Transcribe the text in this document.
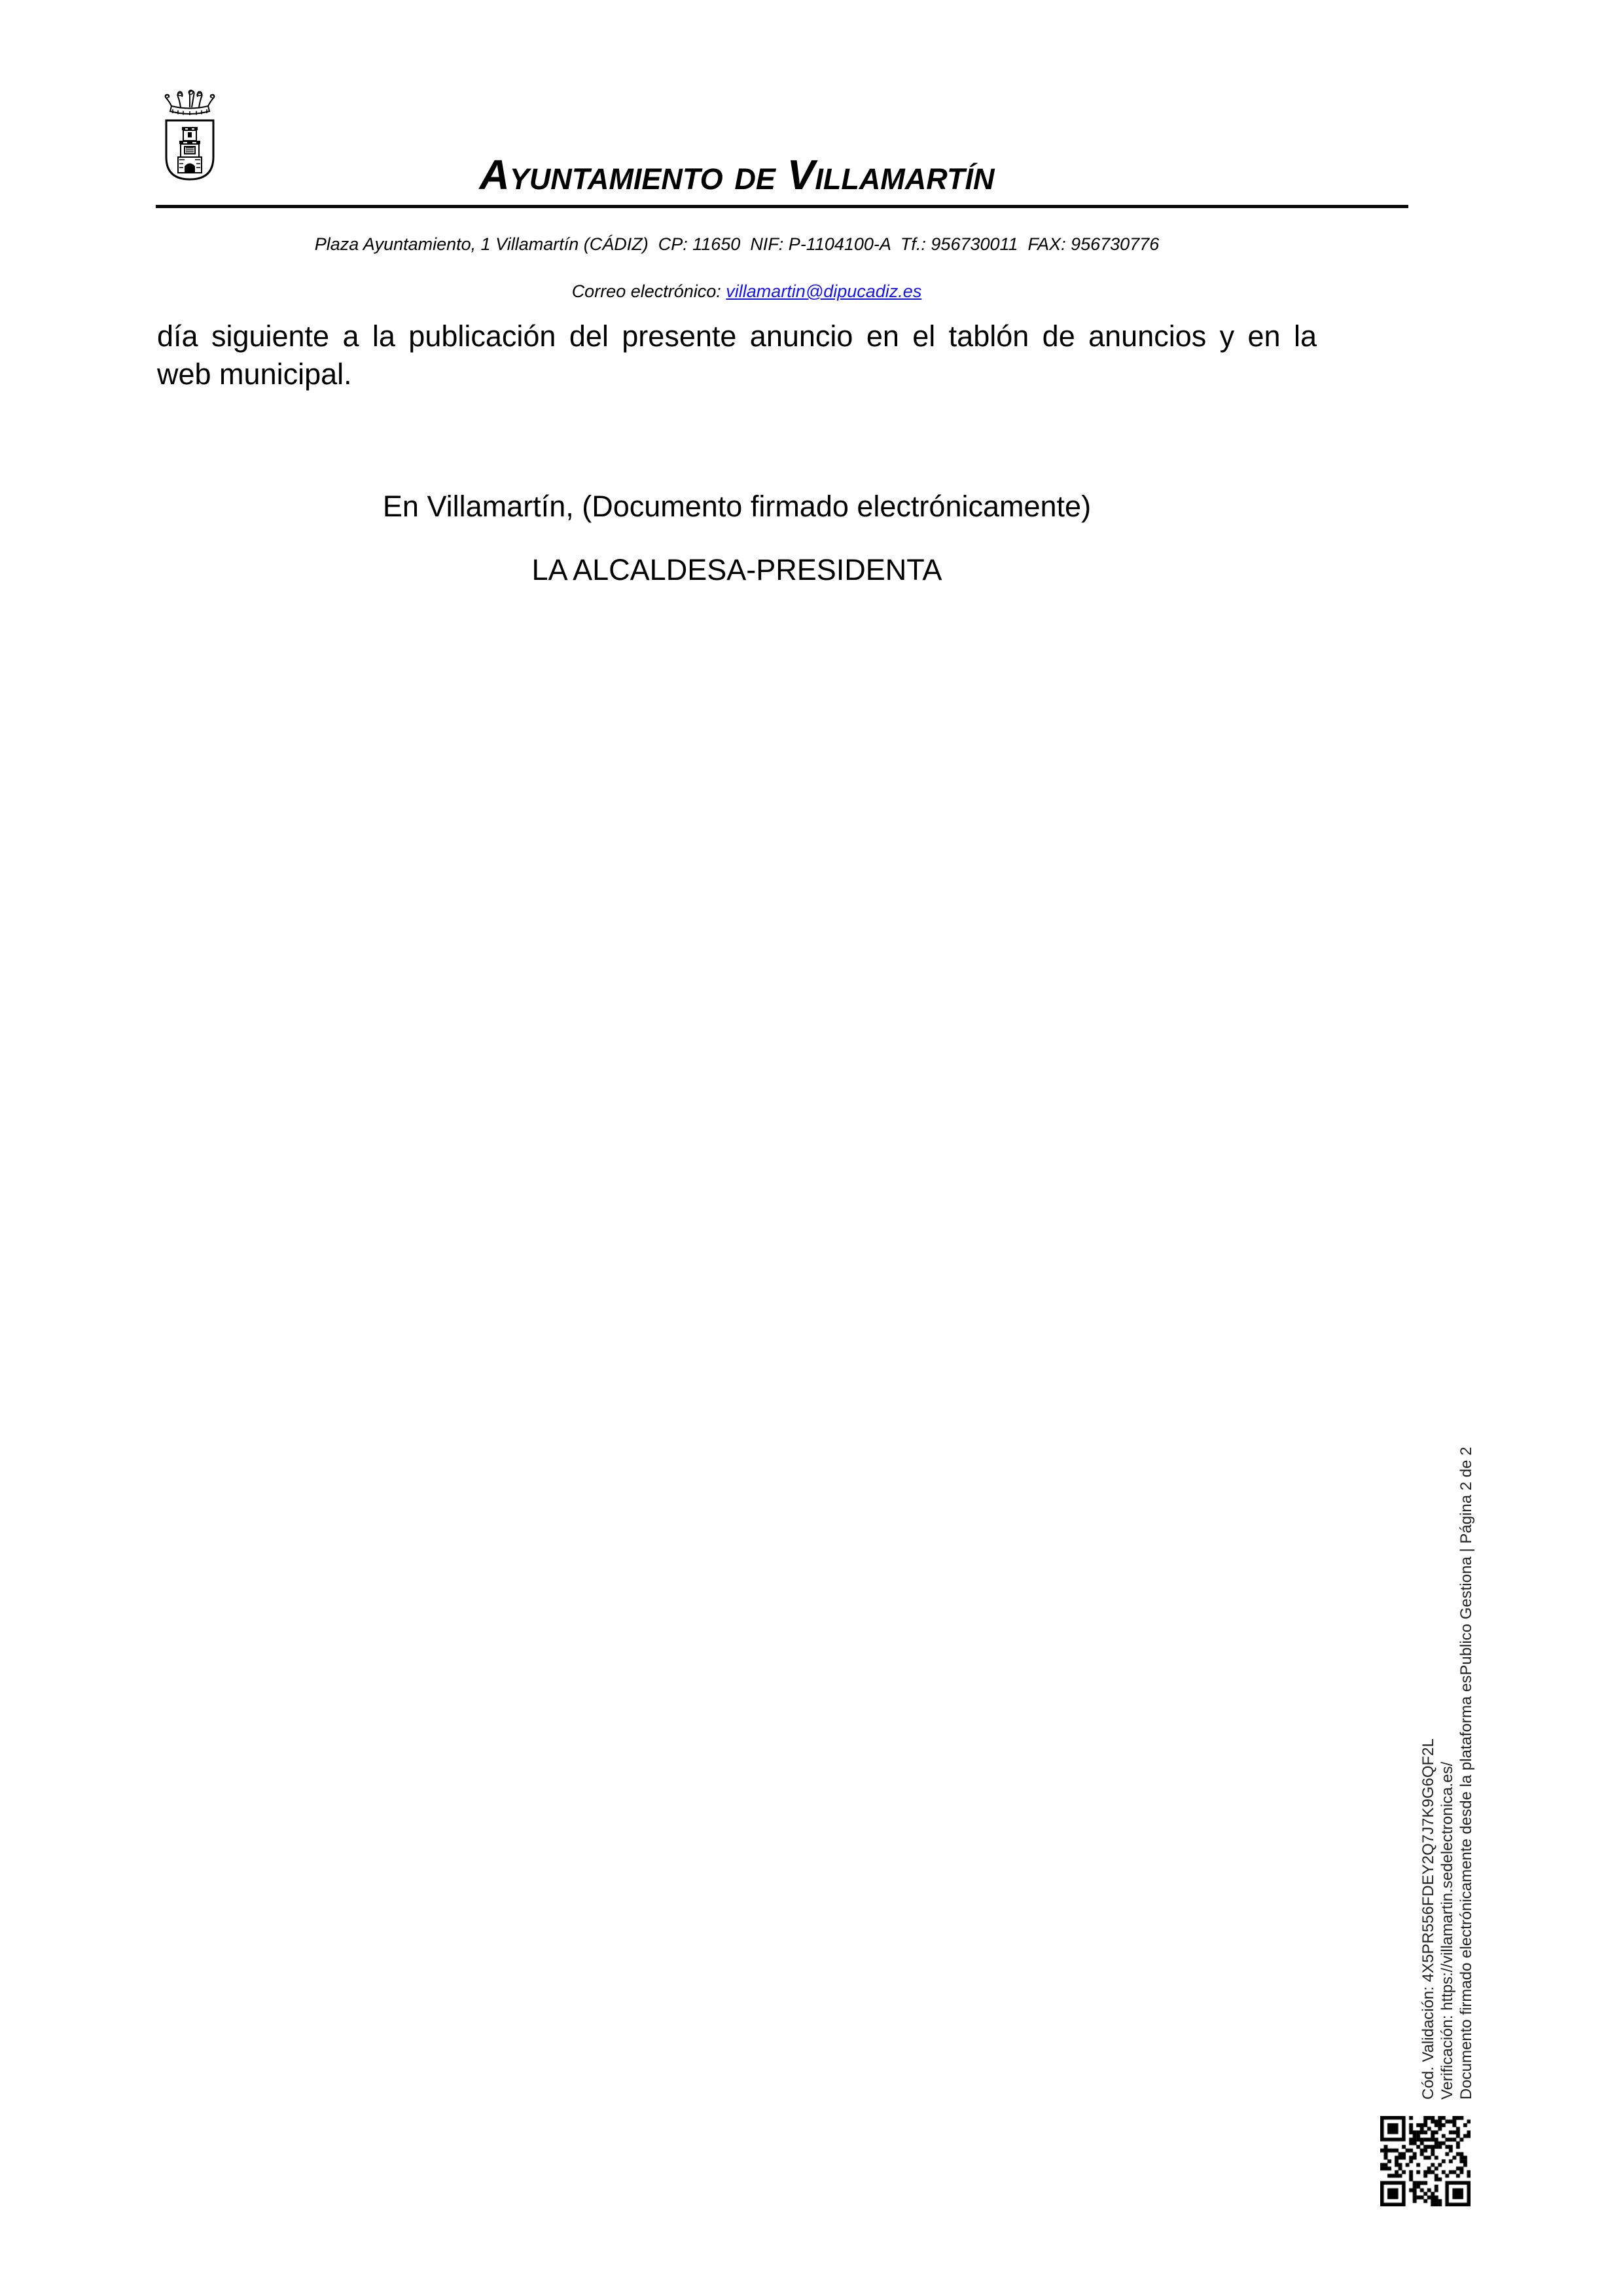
Ayuntamiento de Villamartín
Plaza Ayuntamiento, 1 Villamartín (CÁDIZ)  CP: 11650  NIF: P-1104100-A  Tf.: 956730011  FAX: 956730776

Correo electrónico: villamartin@dipucadiz.es

día siguiente a la publicación del presente anuncio en el tablón de anuncios y en la
web municipal.
En Villamartín, (Documento firmado electrónicamente)
LA ALCALDESA-PRESIDENTA
Cód. Validación: 4X5PR556FDEY2Q7J7K9G6QF2L Verificación: https://villamartin.sedelectronica.es/ Documento firmado electrónicamente desde la plataforma esPublico Gestiona | Página 2 de 2
